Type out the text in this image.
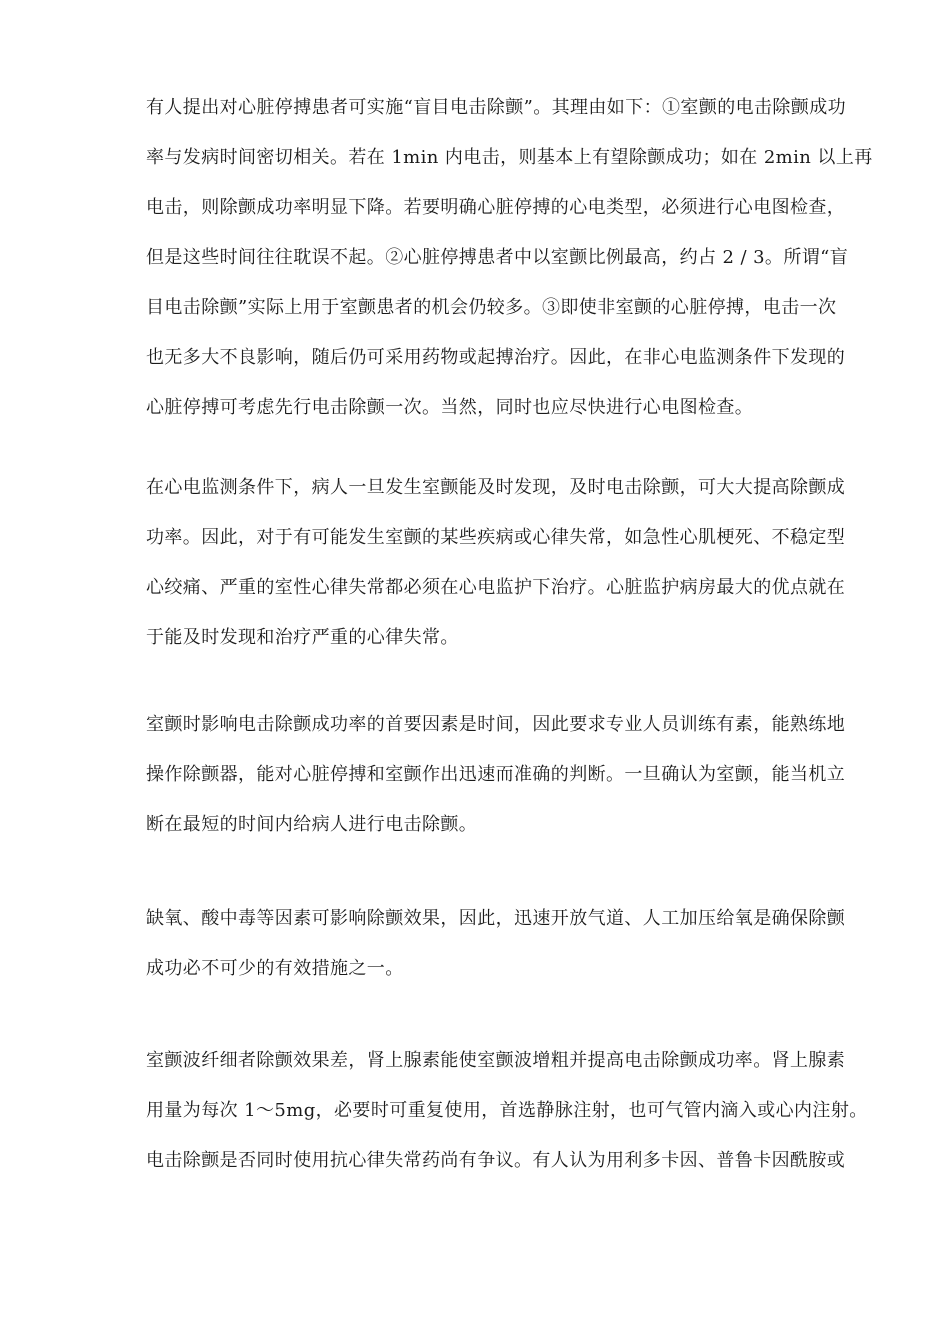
有人提出对心脏停搏患者可实施“盲目电击除颤”。其理由如下：①室颤的电击除颤成功
率与发病时间密切相关。若在 1min 内电击，则基本上有望除颤成功；如在 2min 以上再
电击，则除颤成功率明显下降。若要明确心脏停搏的心电类型，必须进行心电图检查，
但是这些时间往往耽误不起。②心脏停搏患者中以室颤比例最高，约占 2 / 3。所谓“盲
目电击除颤”实际上用于室颤患者的机会仍较多。③即使非室颤的心脏停搏，电击一次
也无多大不良影响，随后仍可采用药物或起搏治疗。因此，在非心电监测条件下发现的
心脏停搏可考虑先行电击除颤一次。当然，同时也应尽快进行心电图检查。
在心电监测条件下，病人一旦发生室颤能及时发现，及时电击除颤，可大大提高除颤成
功率。因此，对于有可能发生室颤的某些疾病或心律失常，如急性心肌梗死、不稳定型
心绞痛、严重的室性心律失常都必须在心电监护下治疗。心脏监护病房最大的优点就在
于能及时发现和治疗严重的心律失常。
室颤时影响电击除颤成功率的首要因素是时间，因此要求专业人员训练有素，能熟练地
操作除颤器，能对心脏停搏和室颤作出迅速而准确的判断。一旦确认为室颤，能当机立
断在最短的时间内给病人进行电击除颤。
缺氧、酸中毒等因素可影响除颤效果，因此，迅速开放气道、人工加压给氧是确保除颤
成功必不可少的有效措施之一。
室颤波纤细者除颤效果差，肾上腺素能使室颤波增粗并提高电击除颤成功率。肾上腺素
用量为每次 1～5mg，必要时可重复使用，首选静脉注射，也可气管内滴入或心内注射。
电击除颤是否同时使用抗心律失常药尚有争议。有人认为用利多卡因、普鲁卡因酰胺或
